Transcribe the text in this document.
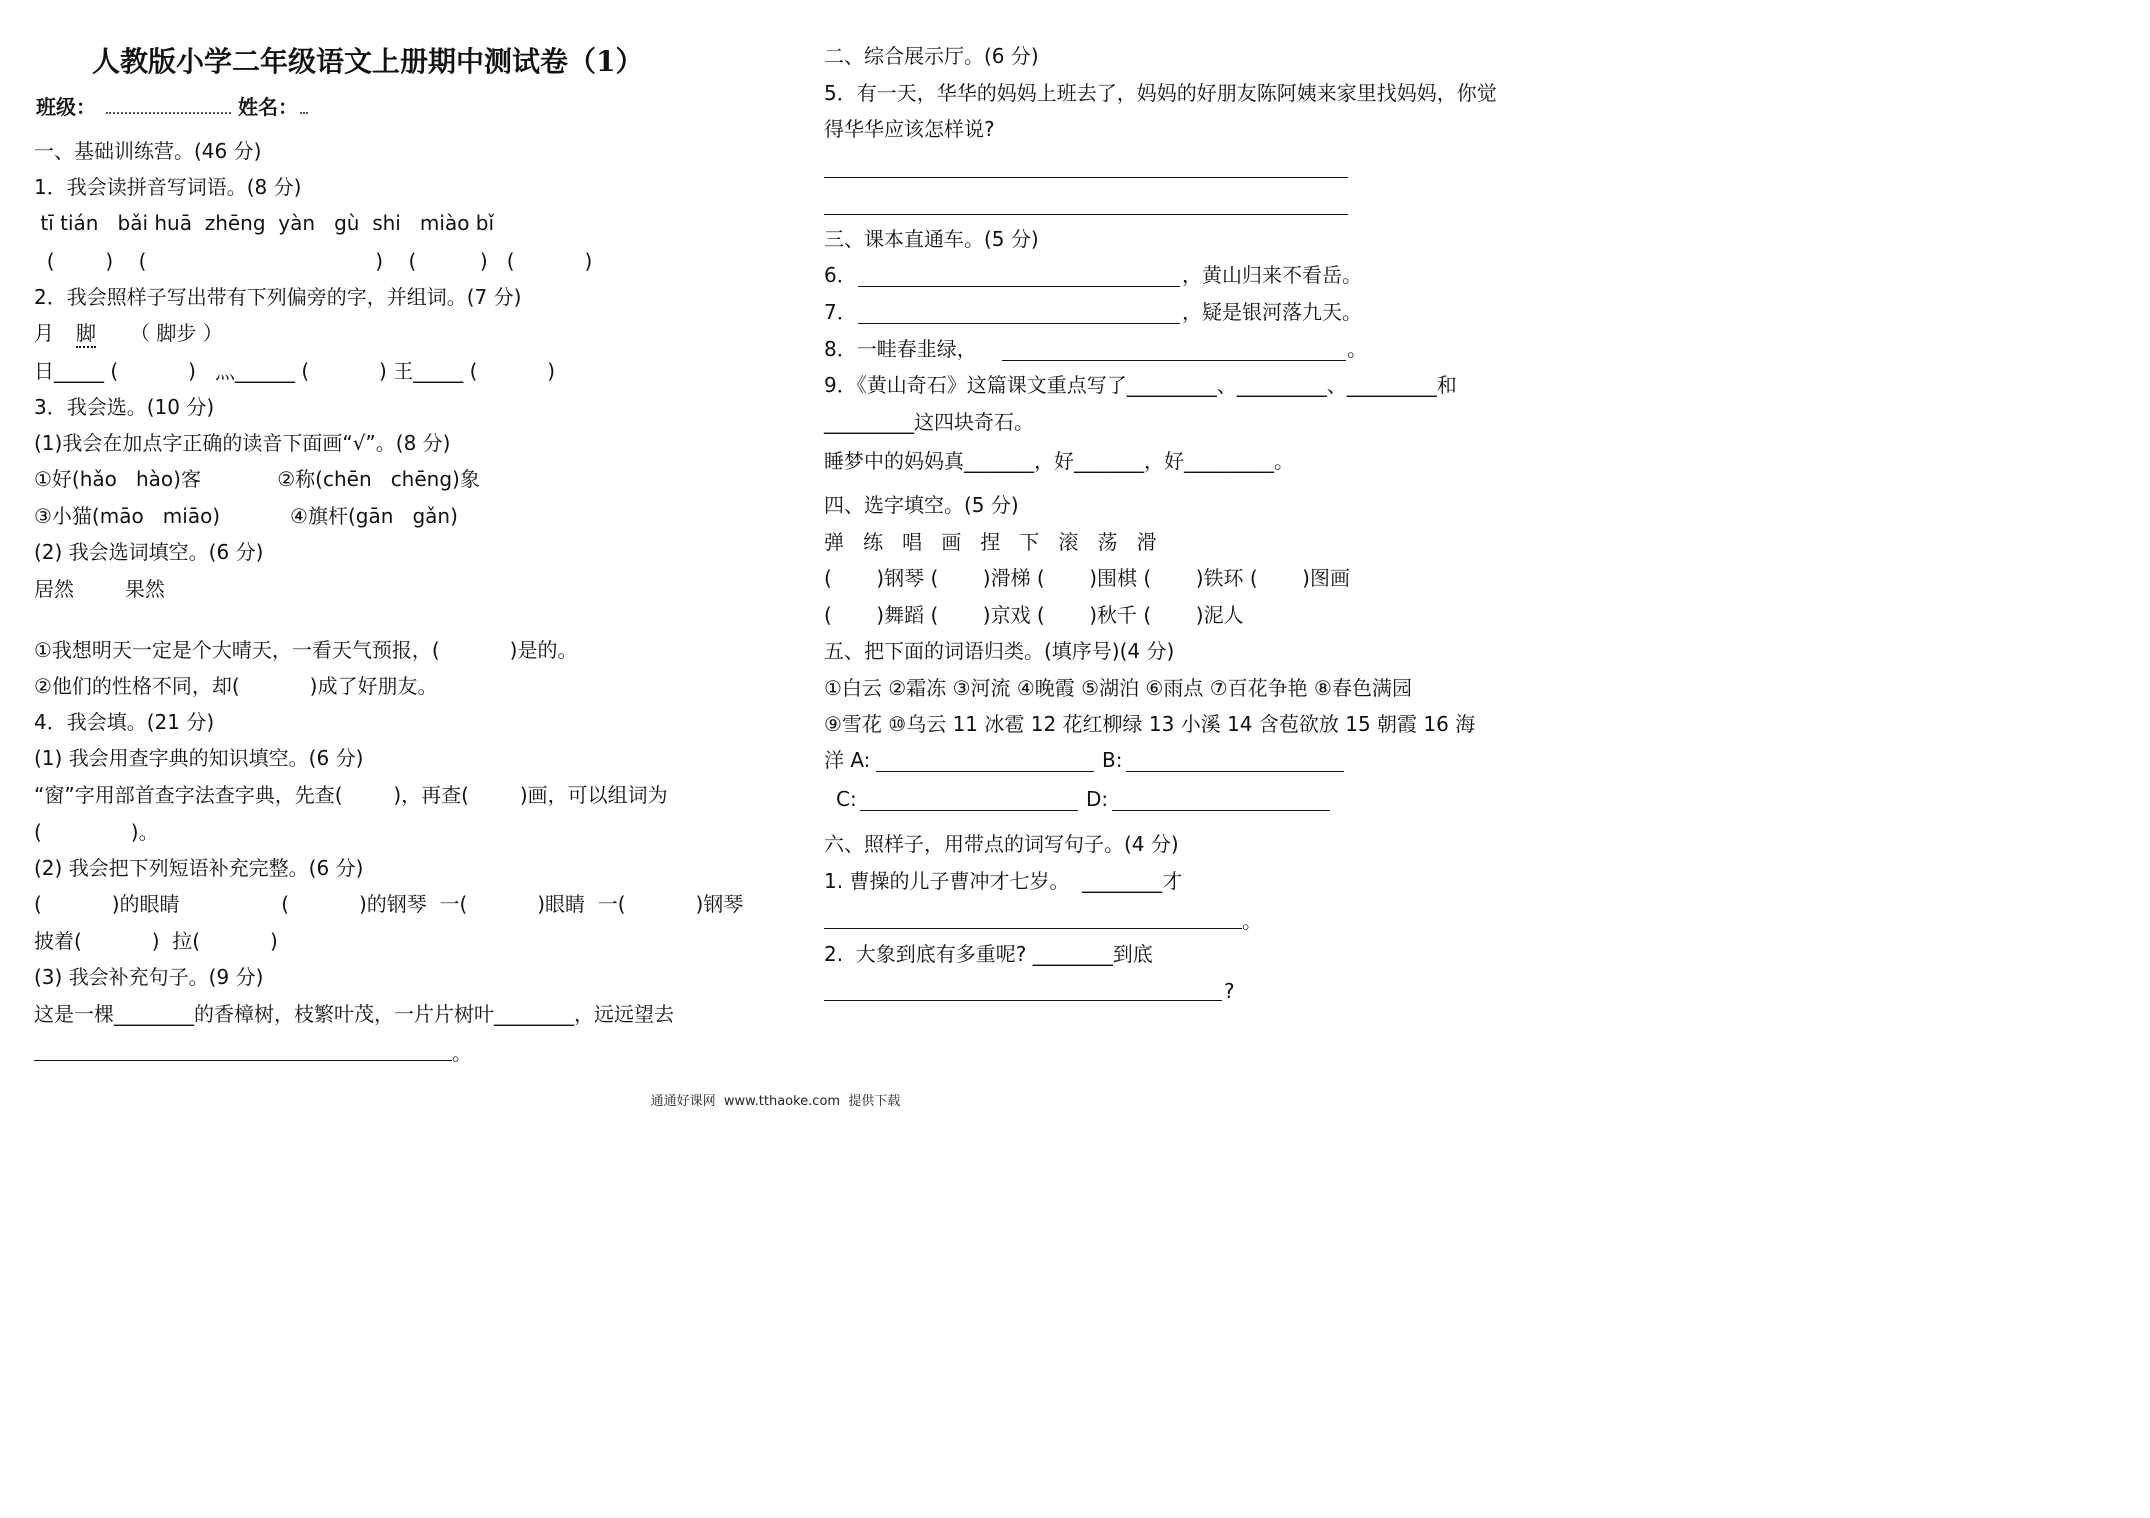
人教版小学二年级语文上册期中测试卷（1）
班级：	姓名：
一、基础训练营。(46 分)
1．我会读拼音写词语。(8 分)
tī tián   bǎi huā  zhēng  yàn   gù  shi   miào bǐ
(        )    (                                    )    (          )   (           )
2．我会照样子写出带有下列偏旁的字，并组词。(7 分)
月 脚 （ 脚步 ）
日_____ (           )   灬______ (           ) 王_____ (           )
3．我会选。(10 分)
(1)我会在加点字正确的读音下面画“√”。(8 分)
①好(hǎo   hào)客            ②称(chēn   chēng)象
③小猫(māo   miāo)           ④旗杆(gān   gǎn)
(2) 我会选词填空。(6 分)
居然        果然
①我想明天一定是个大晴天，一看天气预报，(           )是的。
②他们的性格不同，却(           )成了好朋友。
4．我会填。(21 分)
(1) 我会用查字典的知识填空。(6 分)
“窗”字用部首查字法查字典，先查(        )，再查(        )画，可以组词为
(              )。
(2) 我会把下列短语补充完整。(6 分)
(           )的眼睛                (           )的钢琴  一(           )眼睛  一(           )钢琴
披着(           )  拉(           )
(3) 我会补充句子。(9 分)
这是一棵________的香樟树，枝繁叶茂，一片片树叶________，远远望去
。
二、综合展示厅。(6 分)
5．有一天，华华的妈妈上班去了，妈妈的好朋友陈阿姨来家里找妈妈，你觉
得华华应该怎样说?
三、课本直通车。(5 分)
6．	，黄山归来不看岳。
7．	，疑是银河落九天。
8．一畦春韭绿，	。
9．《黄山奇石》这篇课文重点写了_________、_________、_________和
_________这四块奇石。
睡梦中的妈妈真_______，好_______，好_________。
四、选字填空。(5 分)
弹   练   唱   画   捏   下   滚   荡   滑
(       )钢琴 (       )滑梯 (       )围棋 (       )铁环 (       )图画
(       )舞蹈 (       )京戏 (       )秋千 (       )泥人
五、把下面的词语归类。(填序号)(4 分)
①白云 ②霜冻 ③河流 ④晚霞 ⑤湖泊 ⑥雨点 ⑦百花争艳 ⑧春色满园
⑨雪花 ⑩乌云 11 冰雹 12 花红柳绿 13 小溪 14 含苞欲放 15 朝霞 16 海
洋 A:	B:
C:	D:
六、照样子，用带点的词写句子。(4 分)
1. 曹操的儿子曹冲才七岁。  ________才
。
2.  大象到底有多重呢? ________到底
?
通通好课网  www.tthaoke.com  提供下载
